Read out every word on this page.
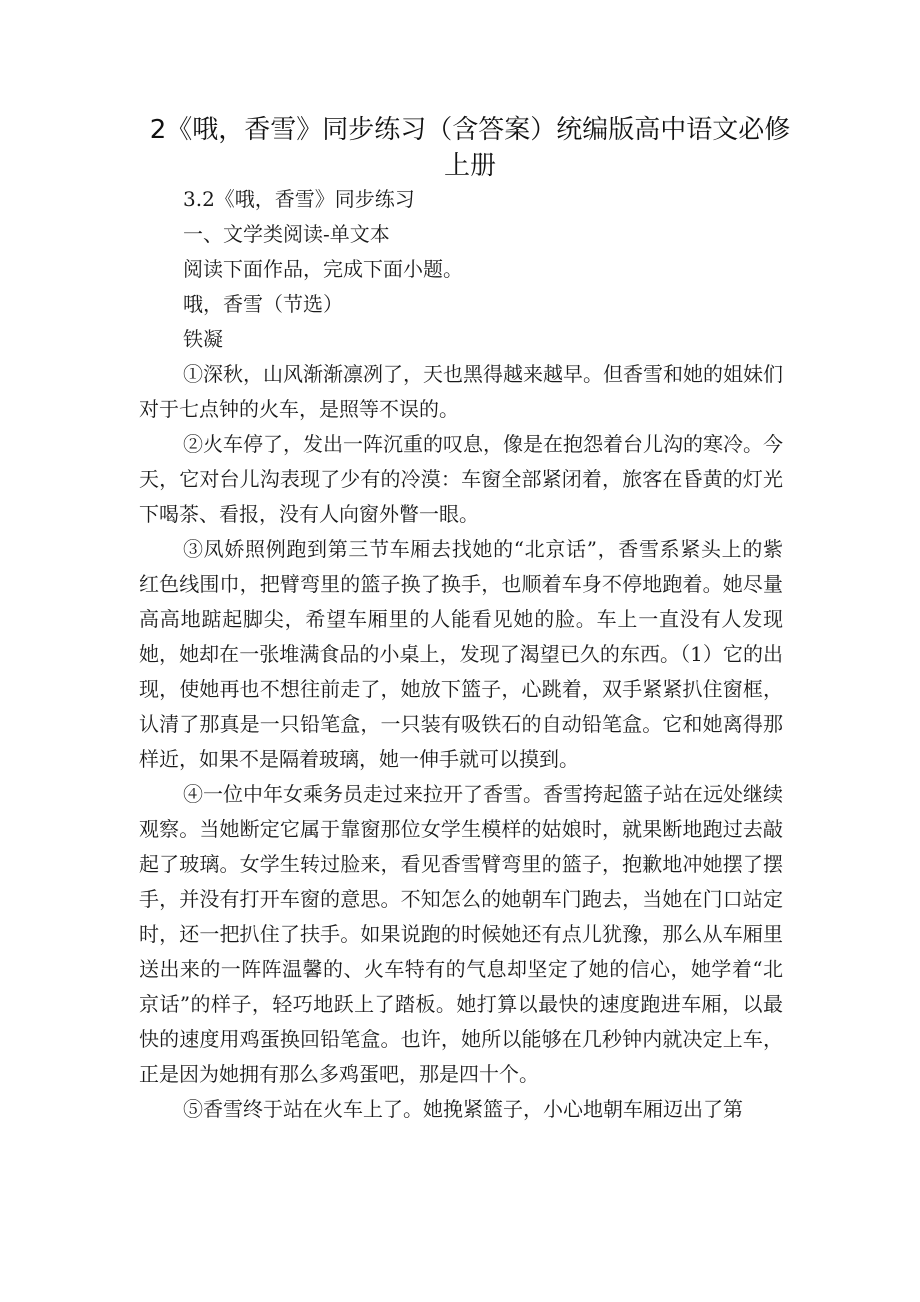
2《哦，香雪》同步练习（含答案）统编版高中语文必修上册

3.2《哦，香雪》同步练习

一、文学类阅读-单文本

阅读下面作品，完成下面小题。

哦，香雪（节选）

铁凝

①深秋，山风渐渐凛冽了，天也黑得越来越早。但香雪和她的姐妹们对于七点钟的火车，是照等不误的。

②火车停了，发出一阵沉重的叹息，像是在抱怨着台儿沟的寒冷。今天，它对台儿沟表现了少有的冷漠：车窗全部紧闭着，旅客在昏黄的灯光下喝茶、看报，没有人向窗外瞥一眼。

③凤娇照例跑到第三节车厢去找她的“北京话”，香雪系紧头上的紫红色线围巾，把臂弯里的篮子换了换手，也顺着车身不停地跑着。她尽量高高地踮起脚尖，希望车厢里的人能看见她的脸。车上一直没有人发现她，她却在一张堆满食品的小桌上，发现了渴望已久的东西。（1）它的出现，使她再也不想往前走了，她放下篮子，心跳着，双手紧紧扒住窗框，认清了那真是一只铅笔盒，一只装有吸铁石的自动铅笔盒。它和她离得那样近，如果不是隔着玻璃，她一伸手就可以摸到。

④一位中年女乘务员走过来拉开了香雪。香雪挎起篮子站在远处继续观察。当她断定它属于靠窗那位女学生模样的姑娘时，就果断地跑过去敲起了玻璃。女学生转过脸来，看见香雪臂弯里的篮子，抱歉地冲她摆了摆手，并没有打开车窗的意思。不知怎么的她朝车门跑去，当她在门口站定时，还一把扒住了扶手。如果说跑的时候她还有点儿犹豫，那么从车厢里送出来的一阵阵温馨的、火车特有的气息却坚定了她的信心，她学着“北京话”的样子，轻巧地跃上了踏板。她打算以最快的速度跑进车厢，以最快的速度用鸡蛋换回铅笔盒。也许，她所以能够在几秒钟内就决定上车，正是因为她拥有那么多鸡蛋吧，那是四十个。

⑤香雪终于站在火车上了。她挽紧篮子，小心地朝车厢迈出了第
